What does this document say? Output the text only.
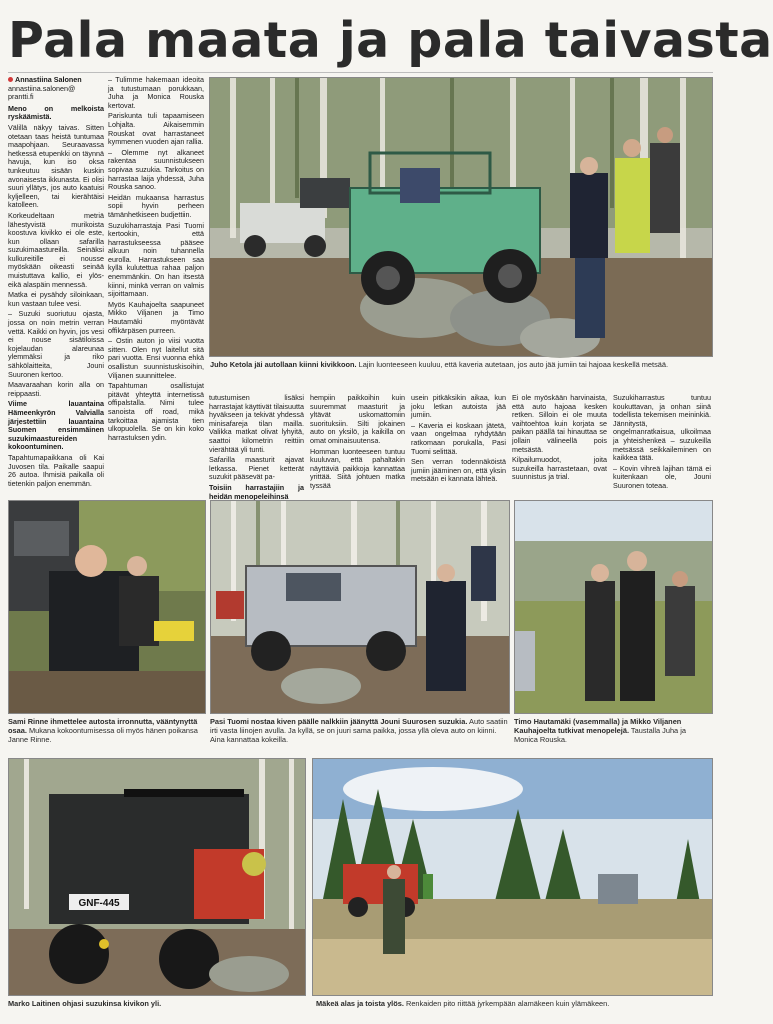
Pala maata ja pala taivasta
Annastiina Salonen
annastiina.salonen@
prantti.fi

Meno on melkoista ryskäämistä.

Välillä näkyy taivas. Sitten otetaan taas heistä tuntumaa maapohjaan. Seuraavassa hetkessä etupenkki on täynnä havuja, kun iso oksa tunkeutuu sisään kuskin avonaisesta ikkunasta. Ei olisi suuri yllätys, jos auto kaatuisi kyljelleen, tai kierähtäisi katolleen.

Korkeudeltaan metriä lähestyvistä murikoista koostuva kivikko ei ole este, kun ollaan safarilla suzukimaastureilla. Seinäksi kulkureitille ei nousse myöskään oikeasti seinää muistuttava kallio, ei ylös- eikä alaspäin mennessä.

Matka ei pysähdy siloinkaan, kun vastaan tulee vesi.

– Suzuki suoriutuu ojasta, jossa on noin metrin verran vettä. Kaikki on hyvin, jos vesi ei nouse sisätiloissa kojelaudan alareunaa ylemmäksi ja riko sähkölaitteita, Jouni Suuronen kertoo.

Maavaraahan korin alla on reippaasti.

Viime lauantaina Hämeenkyrön Valvialla järjestettiin lauantaina Suomen ensimmäinen suzukimaastureiden kokoontuminen.

Tapahtumapaikkana oli Kai Juvosen tila. Paikalle saapui 26 autoa. Ihmisiä paikalla oli tietenkin paljon enemmän.

– Tulimme hakemaan ideoita ja tutustumaan porukkaan, Juha ja Monica Rouska kertovat.

Pariskunta tuli tapaamiseen Lohjalta. Aikaisemmin Rouskat ovat harrastaneet kymmenen vuoden ajan rallia.

– Olemme nyt alkaneet rakentaa suunnistukseen sopivaa suzukia. Tarkoitus on harrastaa laija yhdessä, Juha Rouska sanoo.

Heidän mukaansa harrastus sopii hyvin perheen tämänhetkiseen budjettiin.

Suzukiharrastaja Pasi Tuomi kertookin, että harrastukseessa pääsee alkuun noin tuhannella eurolla. Harrastukseen saa kyllä kulutettua rahaa paljon enemmänkin. On han itsestä kiinni, minkä verran on valmis sijoittamaan.

Myös Kauhajoelta saapuneet Mikko Viljanen ja Timo Hautamäki myöntävät offikärpäsen purreen.

– Ostin auton jo viisi vuotta sitten. Olen nyt laitellut sitä pari vuotta. Ensi vuonna ehkä osallistun suunnistuskisoihin, Viljanen suunnittelee.

Tapahtuman osallistujat pitävät yhteyttä internetissä offipalstalla. Nimi tulee sanoista off road, mikä tarkoittaa ajamista tien ulkopuolella. Se on kin koko harrastuksen ydin.

Juho Ketola jäi autollaan kiinni kivikkoon. Lajin luonteeseen kuuluu, että kaveria autetaan, jos auto jää jumiin tai hajoaa keskellä metsää.

tutustumisen lisäksi harrastajat käyttivät tilaisuutta hyväkseen ja tekivät yhdessä minisafareja tilan mailla. Valikka matkat olivat lyhyitä, saattoi kilometrin reittiin vierähtää yli tunti.

Safarilla maasturit ajavat letkassa. Pienet ketterät suzukit pääsevät pa-

Toisiin harrastajiin ja heidän menopeleihinsä

hempiin paikkoihin kuin suuremmat maasturit ja yltävät uskomattomiin suorituksiin. Silti jokainen auto on yksilö, ja kaikilla on omat ominaisuutensa.

Homman luonteeseen tuntuu kuuluvan, että pahaltakin näyttäviä paikkoja kannattaa yrittää. Siitä johtuen matka tyssää

usein pitkäksikin aikaa, kun joku letkan autoista jää jumiin.

– Kaveria ei koskaan jätetä, vaan ongelmaa ryhdytään ratkomaan porukalla, Pasi Tuomi selittää.

Sen verran todennäköistä jumiin jääminen on, että yksin metsään ei kannata lähteä.

Ei ole myöskään harvinaista, että auto hajoaa kesken retken. Silloin ei ole muuta vaihtoehtoa kuin korjata se paikan päällä tai hinauttaa se jollain välineellä pois metsästä.

Kilpailumuodot, joita suzukeilla harrastetaan, ovat suunnistus ja trial.

Suzukiharrastus tuntuu koukuttavan, ja onhan siinä todellista tekemisen meininkiä. Jännitystä, ongelmanratkaisua, ulkoilmaa ja yhteishenkeä – suzukeilla metsässä seikkaileminen on kaikkea tätä.

– Kovin vihreä lajihan tämä ei kuitenkaan ole, Jouni Suuronen toteaa.

Sami Rinne ihmettelee autosta irronnutta, vääntynyttä osaa. Mukana kokoontumisessa oli myös hänen poikansa Janne Rinne.
Pasi Tuomi nostaa kiven päälle nalkkiin jäänyttä Jouni Suurosen suzukia. Auto saatiin irti vasta liinojen avulla. Ja kyllä, se on juuri sama paikka, jossa yllä oleva auto on kiinni. Aina kannattaa kokeilla.
Timo Hautamäki (vasemmalla) ja Mikko Viljanen Kauhajoelta tutkivat menopelejä. Taustalla Juha ja Monica Rouska.
GNF-445
Marko Laitinen ohjasi suzukinsa kivikon yli.	Mäkeä alas ja toista ylös. Renkaiden pito riittää jyrkempään alamäkeen kuin ylämäkeen.
